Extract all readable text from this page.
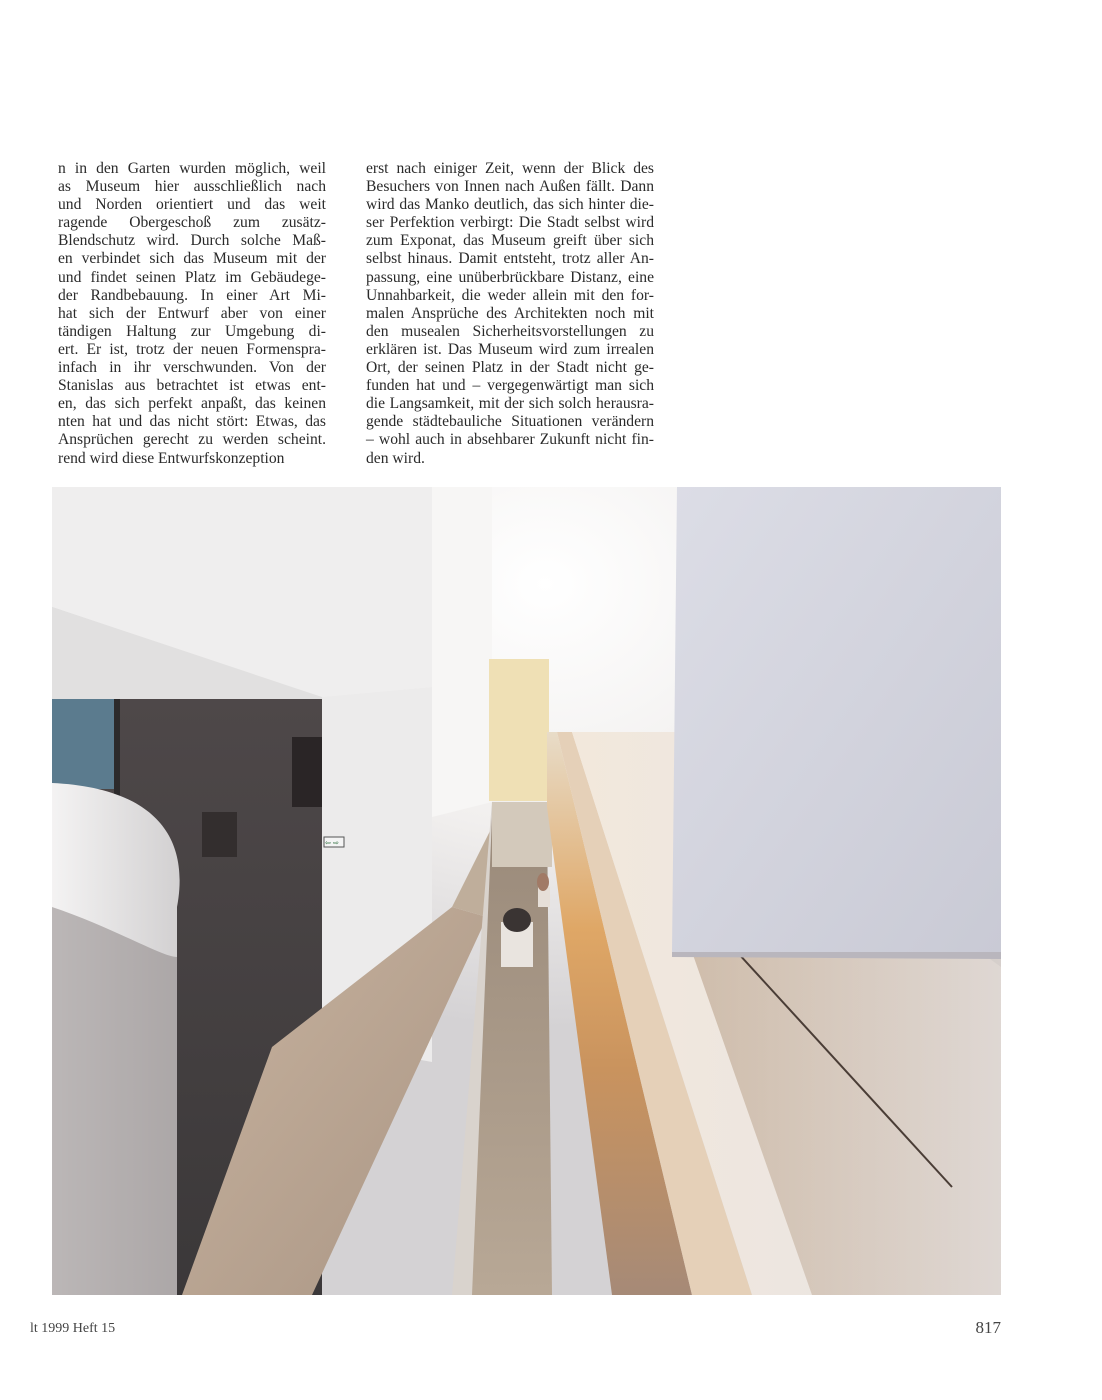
n in den Garten wurden möglich, weil
as Museum hier ausschließlich nach
und Norden orientiert und das weit
ragende Obergeschoß zum zusätz-
Blendschutz wird. Durch solche Maß-
en verbindet sich das Museum mit der
und findet seinen Platz im Gebäudege-
der Randbebauung. In einer Art Mi-
hat sich der Entwurf aber von einer
tändigen Haltung zur Umgebung di-
ert. Er ist, trotz der neuen Formenspra-
infach in ihr verschwunden. Von der
Stanislas aus betrachtet ist etwas ent-
en, das sich perfekt anpaßt, das keinen
nten hat und das nicht stört: Etwas, das
Ansprüchen gerecht zu werden scheint.
rend wird diese Entwurfskonzeption
erst nach einiger Zeit, wenn der Blick des
Besuchers von Innen nach Außen fällt. Dann
wird das Manko deutlich, das sich hinter die-
ser Perfektion verbirgt: Die Stadt selbst wird
zum Exponat, das Museum greift über sich
selbst hinaus. Damit entsteht, trotz aller An-
passung, eine unüberbrückbare Distanz, eine
Unnahbarkeit, die weder allein mit den for-
malen Ansprüche des Architekten noch mit
den musealen Sicherheitsvorstellungen zu
erklären ist. Das Museum wird zum irrealen
Ort, der seinen Platz in der Stadt nicht ge-
funden hat und – vergegenwärtigt man sich
die Langsamkeit, mit der sich solch herausra-
gende städtebauliche Situationen verändern
– wohl auch in absehbarer Zukunft nicht fin-
den wird.
⇦ ⇨
lt 1999 Heft 15	817
